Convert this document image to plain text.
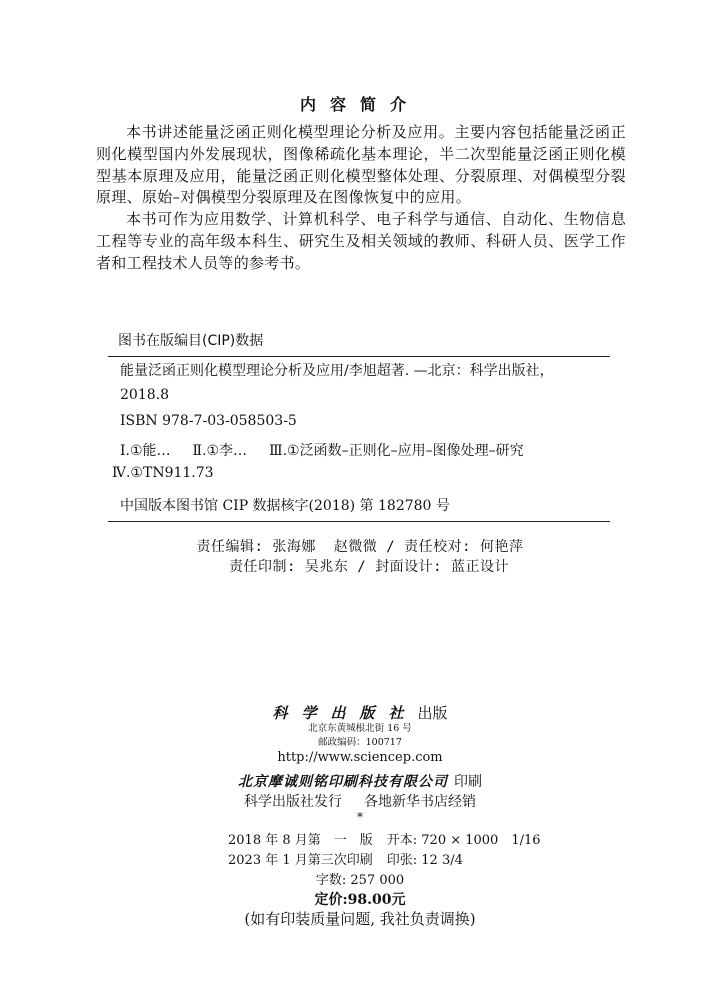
内容简介

本书讲述能量泛函正则化模型理论分析及应用。主要内容包括能量泛函正则化模型国内外发展现状，图像稀疏化基本理论，半二次型能量泛函正则化模型基本原理及应用，能量泛函正则化模型整体处理、分裂原理、对偶模型分裂原理、原始–对偶模型分裂原理及在图像恢复中的应用。

本书可作为应用数学、计算机科学、电子科学与通信、自动化、生物信息工程等专业的高年级本科生、研究生及相关领域的教师、科研人员、医学工作者和工程技术人员等的参考书。

图书在版编目(CIP)数据
能量泛函正则化模型理论分析及应用/李旭超著. —北京：科学出版社，
2018.8
ISBN 978-7-03-058503-5
Ⅰ.①能… Ⅱ.①李… Ⅲ.①泛函数–正则化–应用–图像处理–研究
Ⅳ.①TN911.73
中国版本图书馆 CIP 数据核字(2018) 第 182780 号
责任编辑: 张海娜 赵微微 / 责任校对: 何艳萍
责任印制: 吴兆东 / 封面设计: 蓝正设计
科学出版社出版
北京东黄城根北街 16 号
邮政编码：100717
http://www.sciencep.com
北京摩诚则铭印刷科技有限公司 印刷
科学出版社发行 各地新华书店经销
*
2018 年 8 月第　一　版 开本: 720 × 1000　1/16
2023 年 1 月第三次印刷 印张: 12 3/4
字数: 257 000
定价:98.00元
(如有印装质量问题, 我社负责调换)
